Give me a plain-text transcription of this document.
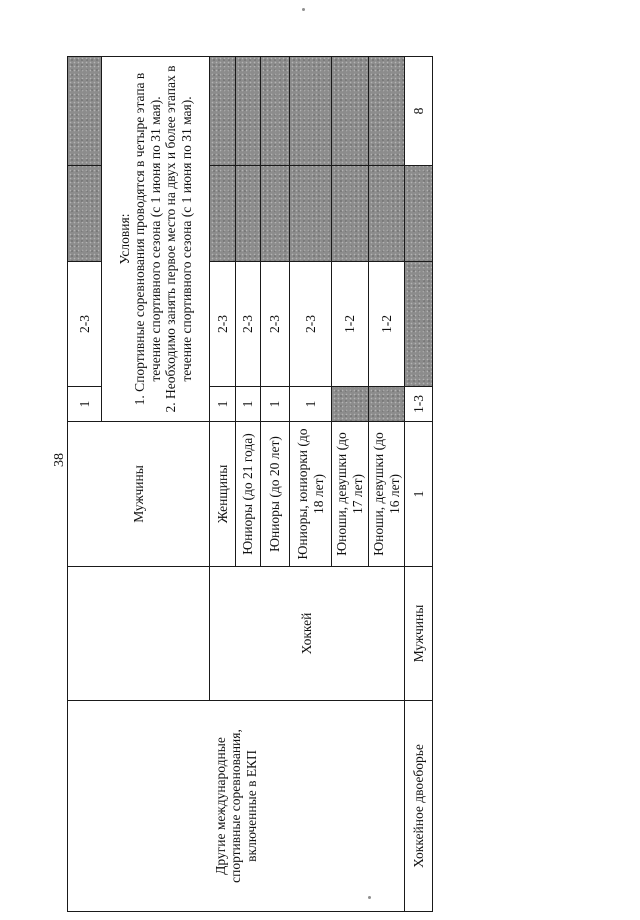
38
Другие международные спортивные соревнования, включенные в ЕКП		Мужчины	1	2-3			

			Условия: 1. Спортивные соревнования проводятся в четыре этапа в течение спортивного сезона (с 1 июня по 31 мая). 2. Необходимо занять первое место на двух и более этапах в течение спортивного сезона (с 1 июня по 31 мая).				

	Хоккей	Женщины	1	2-3			
		Юниоры (до 21 года)	1	2-3			
		Юниоры (до 20 лет)	1	2-3			
		Юниоры, юниорки (до 18 лет)	1	2-3			
		Юноши, девушки (до 17 лет)		1-2			
		Юноши, девушки (до 16 лет)		1-2			
Хоккейное двоеборье	Мужчины	1	1-3			8	
